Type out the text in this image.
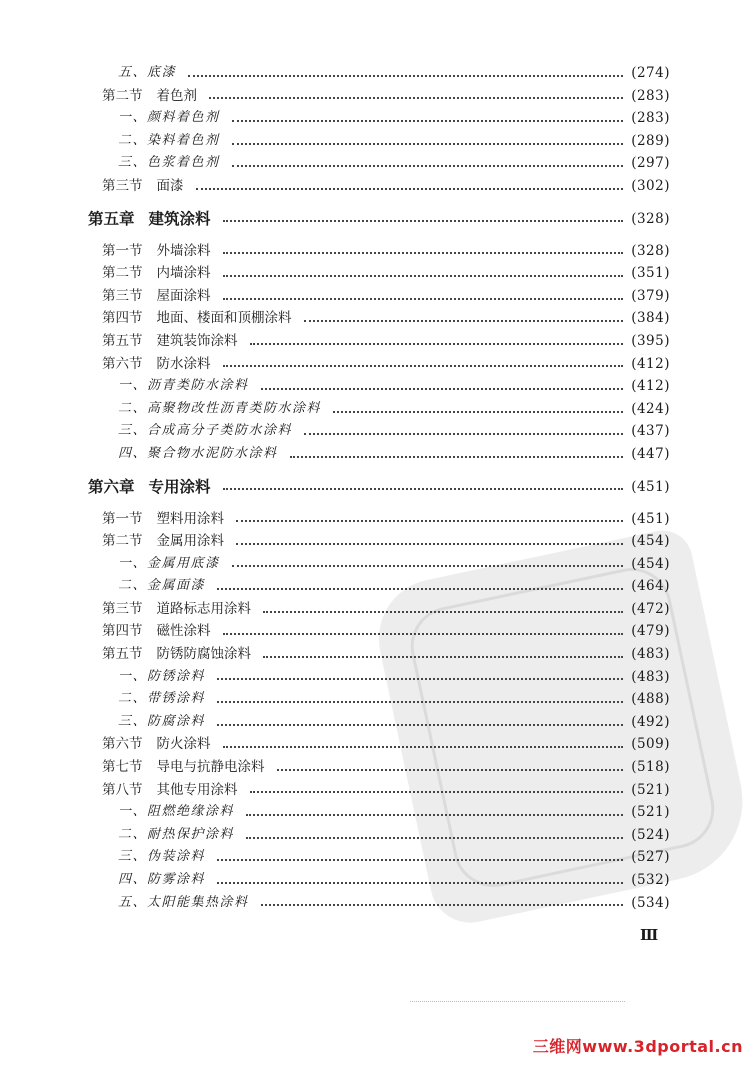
五、底漆	(274)
第二节 着色剂	(283)
一、颜料着色剂	(283)
二、染料着色剂	(289)
三、色浆着色剂	(297)
第三节 面漆	(302)
第五章 建筑涂料	(328)
第一节 外墙涂料	(328)
第二节 内墙涂料	(351)
第三节 屋面涂料	(379)
第四节 地面、楼面和顶棚涂料	(384)
第五节 建筑装饰涂料	(395)
第六节 防水涂料	(412)
一、沥青类防水涂料	(412)
二、高聚物改性沥青类防水涂料	(424)
三、合成高分子类防水涂料	(437)
四、聚合物水泥防水涂料	(447)
第六章 专用涂料	(451)
第一节 塑料用涂料	(451)
第二节 金属用涂料	(454)
一、金属用底漆	(454)
二、金属面漆	(464)
第三节 道路标志用涂料	(472)
第四节 磁性涂料	(479)
第五节 防锈防腐蚀涂料	(483)
一、防锈涂料	(483)
二、带锈涂料	(488)
三、防腐涂料	(492)
第六节 防火涂料	(509)
第七节 导电与抗静电涂料	(518)
第八节 其他专用涂料	(521)
一、阻燃绝缘涂料	(521)
二、耐热保护涂料	(524)
三、伪装涂料	(527)
四、防雾涂料	(532)
五、太阳能集热涂料	(534)
Ⅲ
三维网www.3dportal.cn
